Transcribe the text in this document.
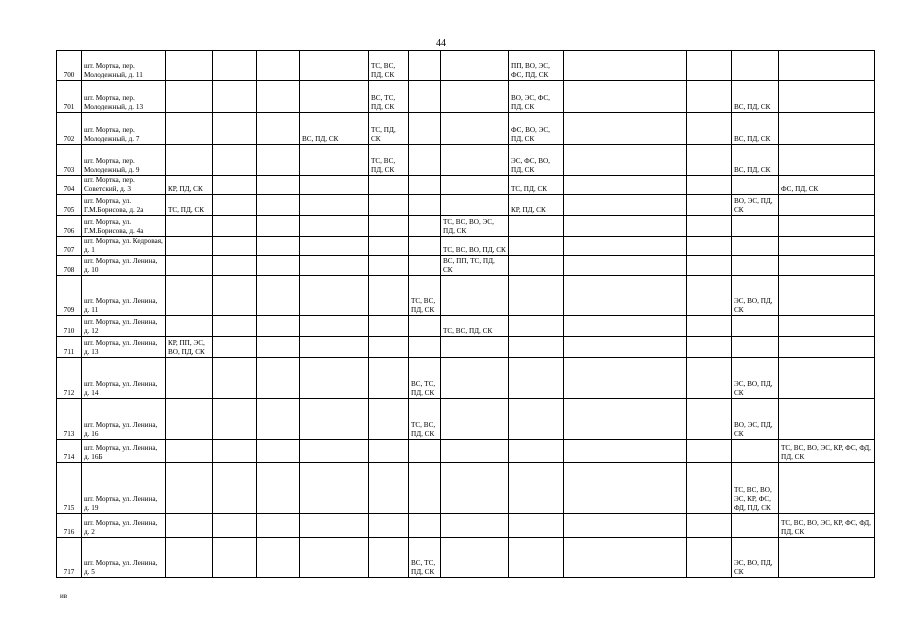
44
700	шт. Мортка, пер. Молодежный, д. 11					ТС, ВС, ПД, СК			ПП, ВО, ЭС, ФС, ПД, СК				
701	шт. Мортка, пер. Молодежный, д. 13					ВС, ТС, ПД, СК			ВО, ЭС, ФС, ПД, СК			ВС, ПД, СК	
702	шт. Мортка, пер. Молодежный, д. 7				ВС, ПД, СК	ТС, ПД, СК			ФС, ВО, ЭС, ПД, СК			ВС, ПД, СК	
703	шт. Мортка, пер. Молодежный, д. 9					ТС, ВС, ПД, СК			ЭС, ФС, ВО, ПД, СК			ВС, ПД, СК	
704	шт. Мортка, пер. Советский, д. 3	КР, ПД, СК							ТС, ПД, СК				ФС, ПД, СК
705	шт. Мортка, ул. Г.М.Борисова, д. 2а	ТС, ПД, СК							КР, ПД, СК			ВО, ЭС, ПД, СК	
706	шт. Мортка, ул. Г.М.Борисова, д. 4а							ТС, ВС, ВО, ЭС, ПД, СК					
707	шт. Мортка, ул. Кедровая, д. 1							ТС, ВС, ВО, ПД, СК					
708	шт. Мортка, ул. Ленина, д. 10							ВС, ПП, ТС, ПД, СК					
709	шт. Мортка, ул. Ленина, д. 11						ТС, ВС, ПД, СК					ЭС, ВО, ПД, СК	
710	шт. Мортка, ул. Ленина, д. 12							ТС, ВС, ПД, СК					
711	шт. Мортка, ул. Ленина, д. 13	КР, ПП, ЭС, ВО, ПД, СК											
712	шт. Мортка, ул. Ленина, д. 14						ВС, ТС, ПД, СК					ЭС, ВО, ПД, СК	
713	шт. Мортка, ул. Ленина, д. 16						ТС, ВС, ПД, СК					ВО, ЭС, ПД, СК	
714	шт. Мортка, ул. Ленина, д. 16Б												ТС, ВС, ВО, ЭС, КР, ФС, ФД, ПД, СК
715	шт. Мортка, ул. Ленина, д. 19											ТС, ВС, ВО, ЭС, КР, ФС, ФД, ПД, СК	
716	шт. Мортка, ул. Ленина, д. 2												ТС, ВС, ВО, ЭС, КР, ФС, ФД, ПД, СК
717	шт. Мортка, ул. Ленина, д. 5						ВС, ТС, ПД, СК					ЭС, ВО, ПД, СК	
ив
